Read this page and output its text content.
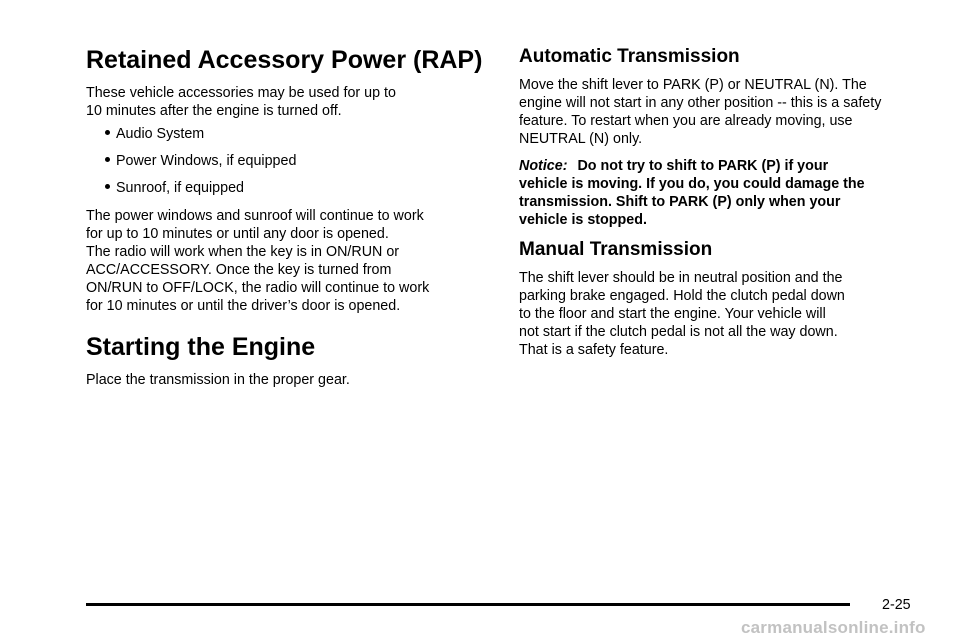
Retained Accessory Power (RAP)

These vehicle accessories may be used for up to
10 minutes after the engine is turned off.

Audio System
Power Windows, if equipped
Sunroof, if equipped

The power windows and sunroof will continue to work
for up to 10 minutes or until any door is opened.
The radio will work when the key is in ON/RUN or
ACC/ACCESSORY. Once the key is turned from
ON/RUN to OFF/LOCK, the radio will continue to work
for 10 minutes or until the driver’s door is opened.

Starting the Engine

Place the transmission in the proper gear.

Automatic Transmission

Move the shift lever to PARK (P) or NEUTRAL (N). The
engine will not start in any other position -- this is a safety
feature. To restart when you are already moving, use
NEUTRAL (N) only.

Notice: Do not try to shift to PARK (P) if your
vehicle is moving. If you do, you could damage the
transmission. Shift to PARK (P) only when your
vehicle is stopped.

Manual Transmission

The shift lever should be in neutral position and the
parking brake engaged. Hold the clutch pedal down
to the floor and start the engine. Your vehicle will
not start if the clutch pedal is not all the way down.
That is a safety feature.

2-25
carmanualsonline.info
